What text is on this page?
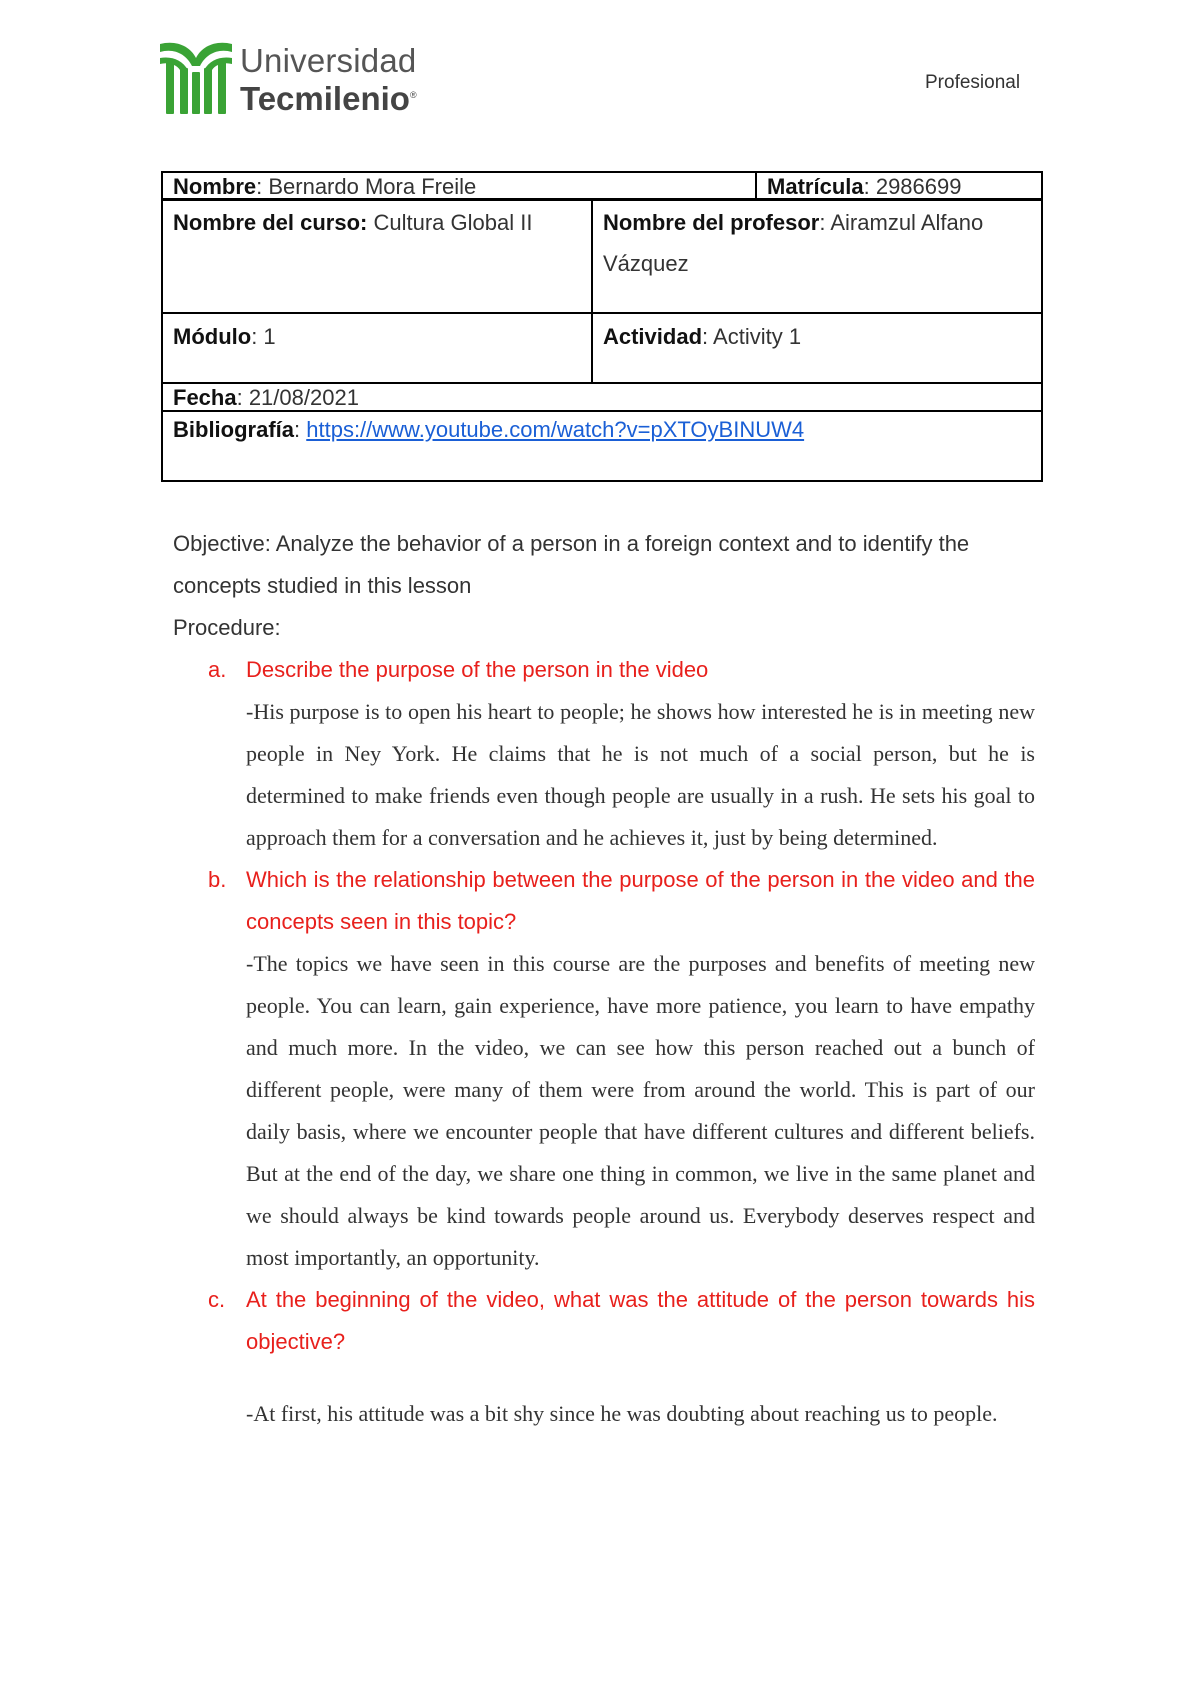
Universidad
Tecmilenio®
Profesional
Nombre: Bernardo Mora Freile	Matrícula: 2986699
Nombre del curso: Cultura Global II	Nombre del profesor: Airamzul Alfano Vázquez
Módulo: 1	Actividad: Activity 1
Fecha: 21/08/2021	
Bibliografía: https://www.youtube.com/watch?v=pXTOyBINUW4	

Objective: Analyze the behavior of a person in a foreign context and to identify the concepts studied in this lesson

Procedure:

a. Describe the purpose of the person in the video

-His purpose is to open his heart to people; he shows how interested he is in meeting new people in Ney York. He claims that he is not much of a social person, but he is determined to make friends even though people are usually in a rush. He sets his goal to approach them for a conversation and he achieves it, just by being determined.

b. Which is the relationship between the purpose of the person in the video and the concepts seen in this topic?

-The topics we have seen in this course are the purposes and benefits of meeting new people. You can learn, gain experience, have more patience, you learn to have empathy and much more. In the video, we can see how this person reached out a bunch of different people, were many of them were from around the world. This is part of our daily basis, where we encounter people that have different cultures and different beliefs. But at the end of the day, we share one thing in common, we live in the same planet and we should always be kind towards people around us. Everybody deserves respect and most importantly, an opportunity.

c. At the beginning of the video, what was the attitude of the person towards his objective?

-At first, his attitude was a bit shy since he was doubting about reaching us to people.
